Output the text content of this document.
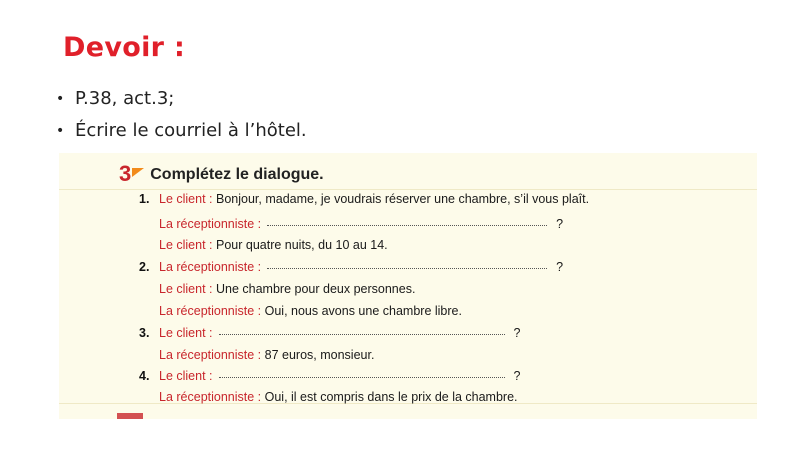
Devoir :
• P.38, act.3;
• Écrire le courriel à l’hôtel.
3 Complétez le dialogue.
1. Le client : Bonjour, madame, je voudrais réserver une chambre, s’il vous plaît.
La réceptionniste :	?
Le client : Pour quatre nuits, du 10 au 14.
2. La réceptionniste :	?
Le client : Une chambre pour deux personnes.
La réceptionniste : Oui, nous avons une chambre libre.
3. Le client :	?
La réceptionniste : 87 euros, monsieur.
4. Le client :	?
La réceptionniste : Oui, il est compris dans le prix de la chambre.
